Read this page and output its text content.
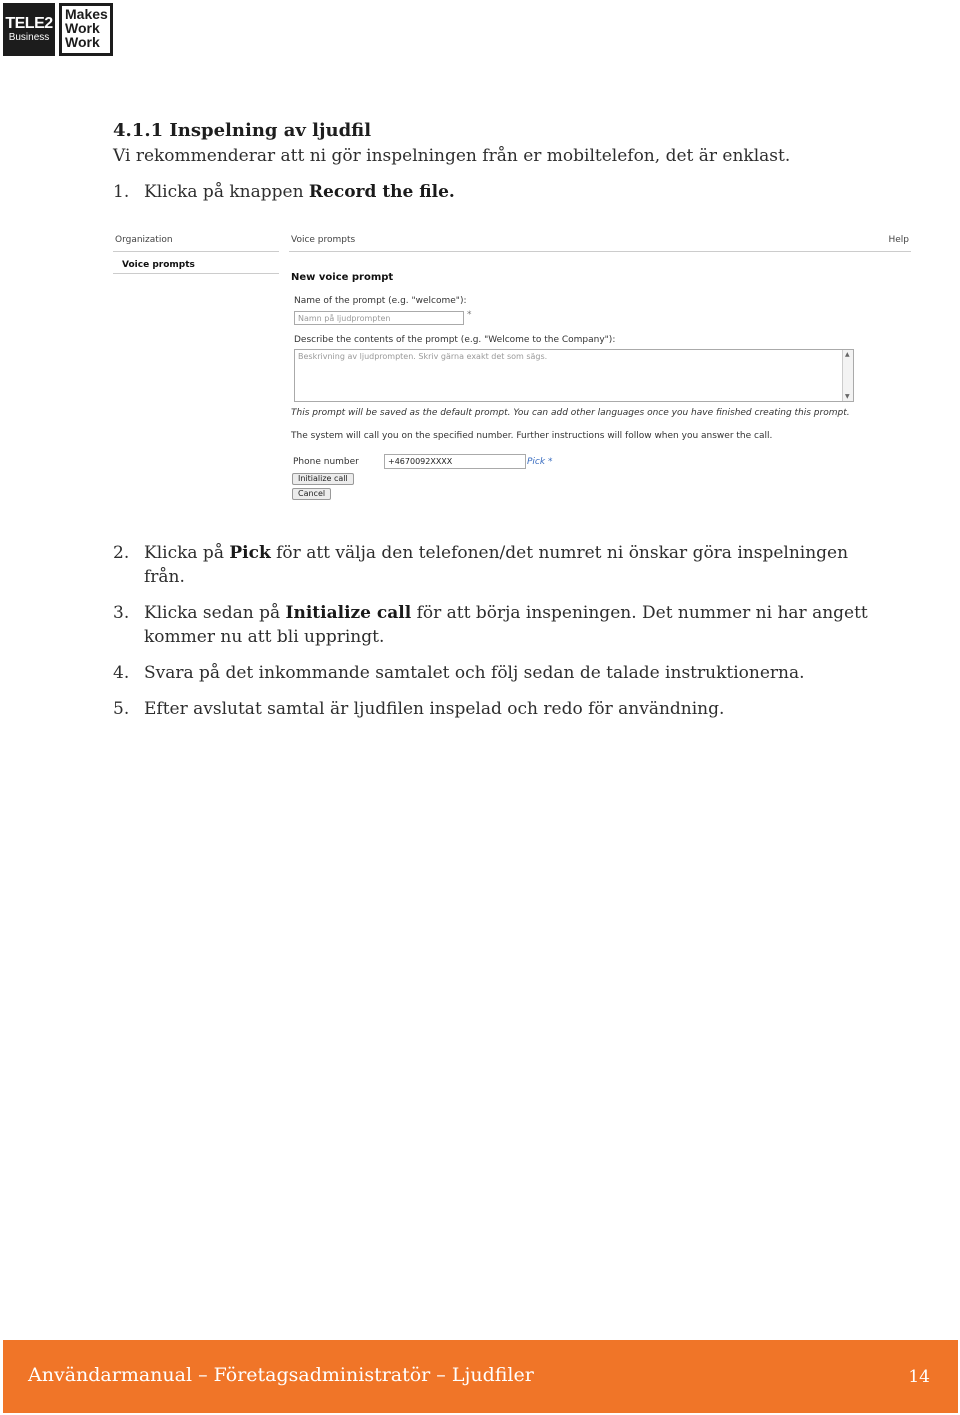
TELE2
Business
Makes
Work
Work
4.1.1 Inspelning av ljudfil
Vi rekommenderar att ni gör inspelningen från er mobiltelefon, det är enklast.
1. Klicka på knappen Record the file.
Organization	Voice prompts	Help
Voice prompts
New voice prompt
Name of the prompt (e.g. "welcome"):
Namn på ljudprompten	*
Describe the contents of the prompt (e.g. "Welcome to the Company"):
Beskrivning av ljudprompten. Skriv gärna exakt det som sägs.	▲
▼
This prompt will be saved as the default prompt. You can add other languages once you have finished creating this prompt.
The system will call you on the specified number. Further instructions will follow when you answer the call.
Phone number	+4670092XXXX	Pick *
Initialize call
Cancel
2. Klicka på Pick för att välja den telefonen/det numret ni önskar göra inspelningen från.
3. Klicka sedan på Initialize call för att börja inspeningen. Det nummer ni har angett kommer nu att bli uppringt.
4. Svara på det inkommande samtalet och följ sedan de talade instruktionerna.
5. Efter avslutat samtal är ljudfilen inspelad och redo för användning.
Användarmanual – Företagsadministratör – Ljudfiler	14
